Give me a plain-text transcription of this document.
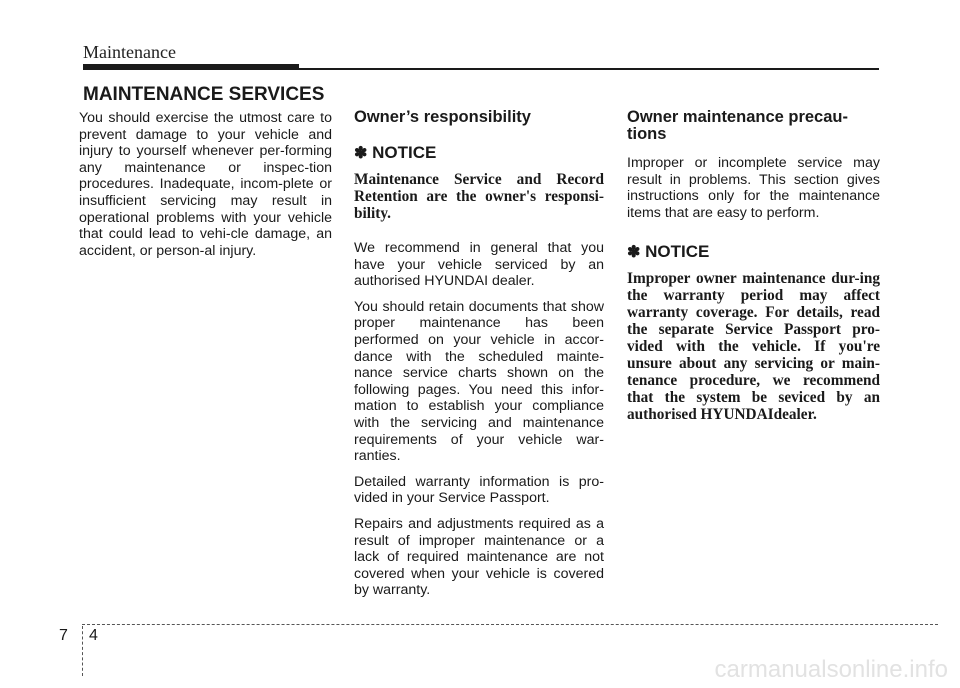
Maintenance
MAINTENANCE SERVICES

You should exercise the utmost care to prevent damage to your vehicle and injury to yourself whenever per-forming any maintenance or inspec-tion procedures. Inadequate, incom-plete or insufficient servicing may result in operational problems with your vehicle that could lead to vehi-cle damage, an accident, or person-al injury.

Owner’s responsibility
✽ NOTICE
Maintenance Service and Record Retention are the owner's responsi-bility.

We recommend in general that you have your vehicle serviced by an authorised HYUNDAI dealer.

You should retain documents that show proper maintenance has been performed on your vehicle in accor-dance with the scheduled mainte-nance service charts shown on the following pages. You need this infor-mation to establish your compliance with the servicing and maintenance requirements of your vehicle war-ranties.

Detailed warranty information is pro-vided in your Service Passport.

Repairs and adjustments required as a result of improper maintenance or a lack of required maintenance are not covered when your vehicle is covered by warranty.

Owner maintenance precau-tions

Improper or incomplete service may result in problems. This section gives instructions only for the maintenance items that are easy to perform.

✽ NOTICE
Improper owner maintenance dur-ing the warranty period may affect warranty coverage. For details, read the separate Service Passport pro-vided with the vehicle. If you're unsure about any servicing or main-tenance procedure, we recommend that the system be seviced by an authorised HYUNDAIdealer.
7 4
carmanualsonline.info
